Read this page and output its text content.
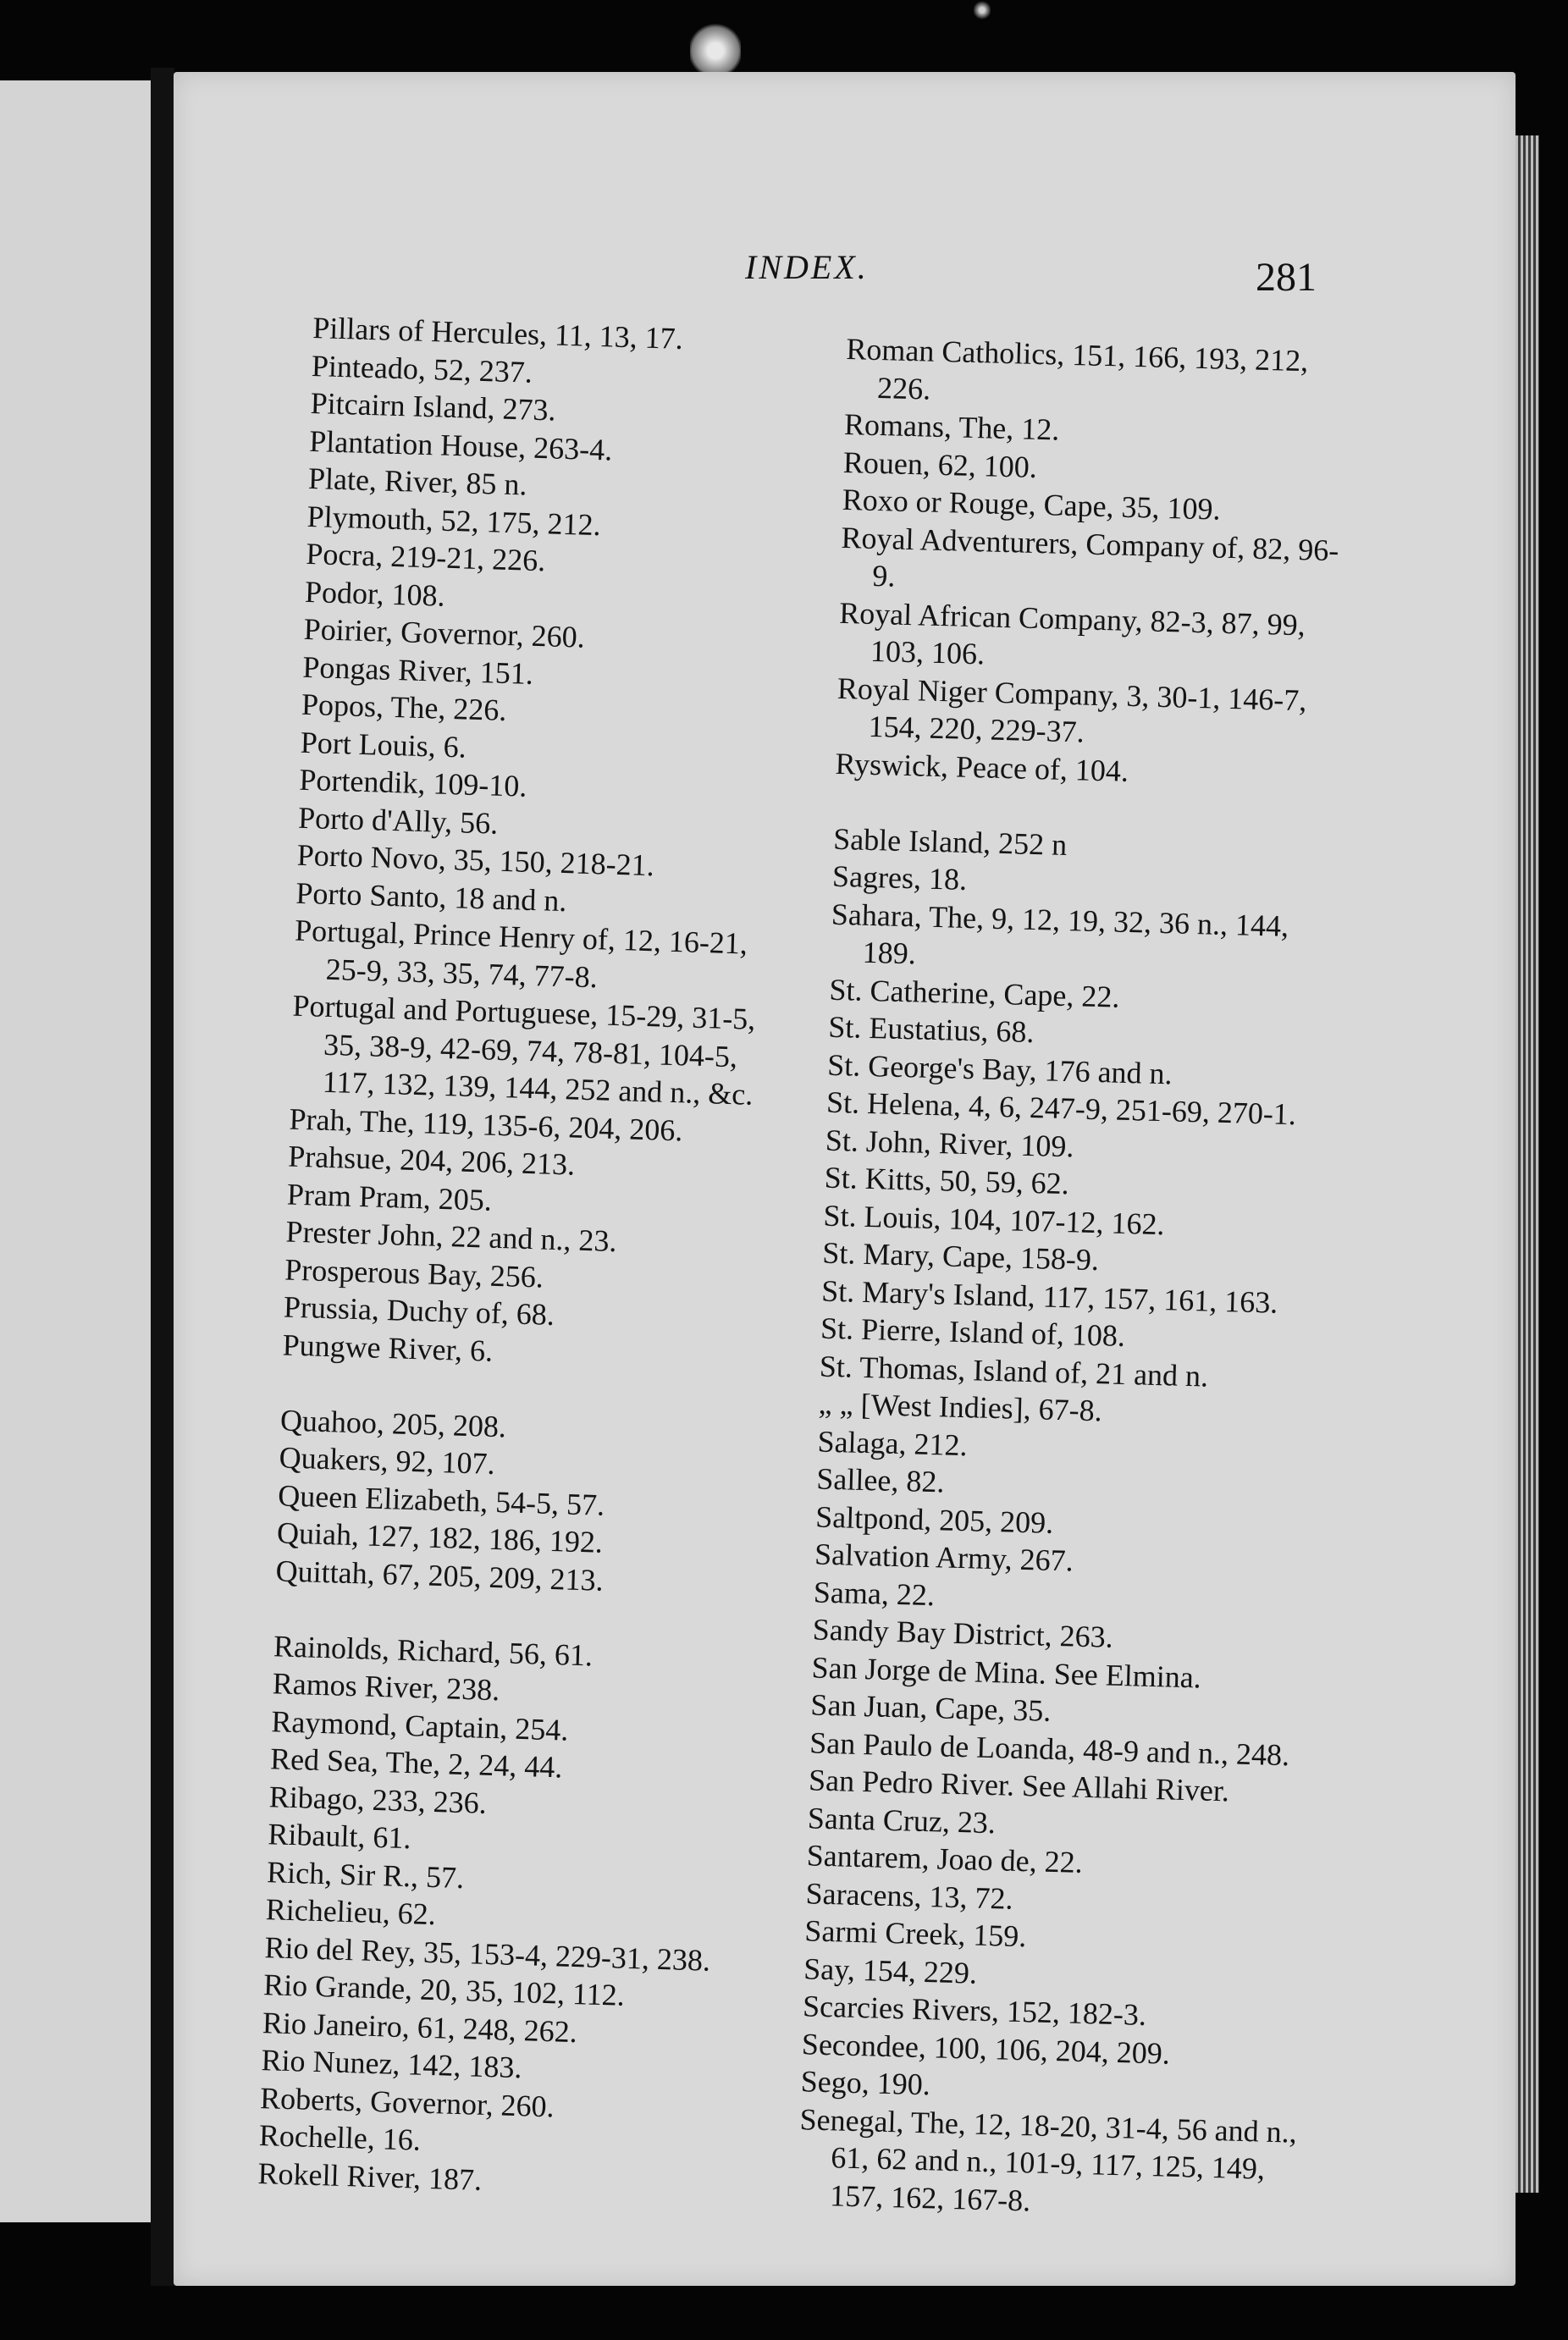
INDEX.	281
Pillars of Hercules, 11, 13, 17.
Pinteado, 52, 237.
Pitcairn Island, 273.
Plantation House, 263-4.
Plate, River, 85 n.
Plymouth, 52, 175, 212.
Pocra, 219-21, 226.
Podor, 108.
Poirier, Governor, 260.
Pongas River, 151.
Popos, The, 226.
Port Louis, 6.
Portendik, 109-10.
Porto d'Ally, 56.
Porto Novo, 35, 150, 218-21.
Porto Santo, 18 and n.
Portugal, Prince Henry of, 12, 16-21, 25-9, 33, 35, 74, 77-8.
Portugal and Portuguese, 15-29, 31-5, 35, 38-9, 42-69, 74, 78-81, 104-5, 117, 132, 139, 144, 252 and n., &c.
Prah, The, 119, 135-6, 204, 206.
Prahsue, 204, 206, 213.
Pram Pram, 205.
Prester John, 22 and n., 23.
Prosperous Bay, 256.
Prussia, Duchy of, 68.
Pungwe River, 6.
Quahoo, 205, 208.
Quakers, 92, 107.
Queen Elizabeth, 54-5, 57.
Quiah, 127, 182, 186, 192.
Quittah, 67, 205, 209, 213.
Rainolds, Richard, 56, 61.
Ramos River, 238.
Raymond, Captain, 254.
Red Sea, The, 2, 24, 44.
Ribago, 233, 236.
Ribault, 61.
Rich, Sir R., 57.
Richelieu, 62.
Rio del Rey, 35, 153-4, 229-31, 238.
Rio Grande, 20, 35, 102, 112.
Rio Janeiro, 61, 248, 262.
Rio Nunez, 142, 183.
Roberts, Governor, 260.
Rochelle, 16.
Rokell River, 187.
Roman Catholics, 151, 166, 193, 212, 226.
Romans, The, 12.
Rouen, 62, 100.
Roxo or Rouge, Cape, 35, 109.
Royal Adventurers, Company of, 82, 96-9.
Royal African Company, 82-3, 87, 99, 103, 106.
Royal Niger Company, 3, 30-1, 146-7, 154, 220, 229-37.
Ryswick, Peace of, 104.
Sable Island, 252 n
Sagres, 18.
Sahara, The, 9, 12, 19, 32, 36 n., 144, 189.
St. Catherine, Cape, 22.
St. Eustatius, 68.
St. George's Bay, 176 and n.
St. Helena, 4, 6, 247-9, 251-69, 270-1.
St. John, River, 109.
St. Kitts, 50, 59, 62.
St. Louis, 104, 107-12, 162.
St. Mary, Cape, 158-9.
St. Mary's Island, 117, 157, 161, 163.
St. Pierre, Island of, 108.
St. Thomas, Island of, 21 and n.
„ „ [West Indies], 67-8.
Salaga, 212.
Sallee, 82.
Saltpond, 205, 209.
Salvation Army, 267.
Sama, 22.
Sandy Bay District, 263.
San Jorge de Mina. See Elmina.
San Juan, Cape, 35.
San Paulo de Loanda, 48-9 and n., 248.
San Pedro River. See Allahi River.
Santa Cruz, 23.
Santarem, Joao de, 22.
Saracens, 13, 72.
Sarmi Creek, 159.
Say, 154, 229.
Scarcies Rivers, 152, 182-3.
Secondee, 100, 106, 204, 209.
Sego, 190.
Senegal, The, 12, 18-20, 31-4, 56 and n., 61, 62 and n., 101-9, 117, 125, 149, 157, 162, 167-8.
